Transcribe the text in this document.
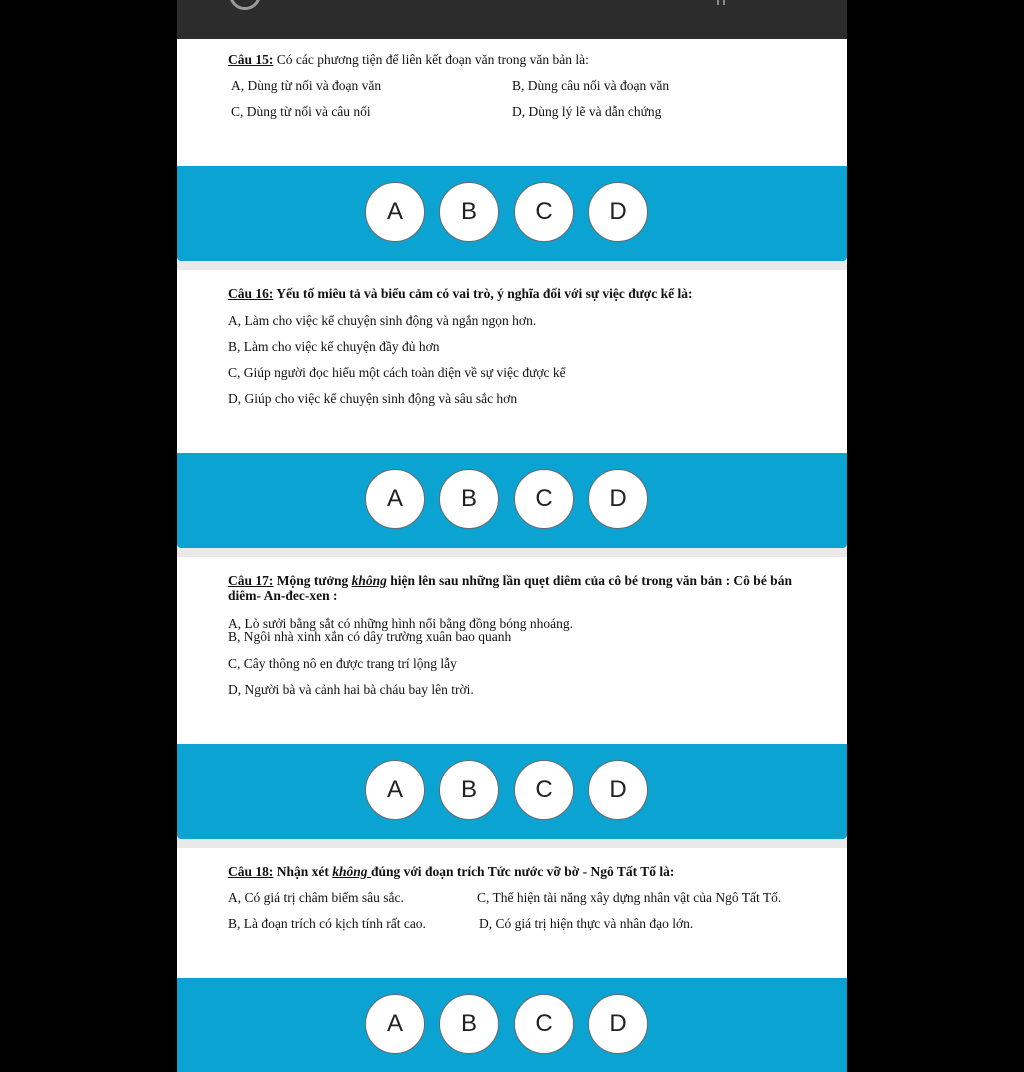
Câu 15: Có các phương tiện để liên kết đoạn văn trong văn bản là:
A, Dùng từ nối và đoạn văn	B, Dùng câu nối và đoạn văn
C, Dùng từ nối và câu nối	D, Dùng lý lẽ và dẫn chứng
A	B	C	D
Câu 16: Yếu tố miêu tả và biểu cảm có vai trò, ý nghĩa đối với sự việc được kể là:
A, Làm cho việc kể chuyện sinh động và ngắn ngọn hơn.
B, Làm cho việc kể chuyện đầy đủ hơn
C, Giúp người đọc hiểu một cách toàn diện về sự việc được kể
D, Giúp cho việc kể chuyện sinh động và sâu sắc hơn
A	B	C	D
Câu 17: Mộng tưởng không hiện lên sau những lần quẹt diêm của cô bé trong văn bản : Cô bé bán diêm- An-đec-xen :
A, Lò sưởi bằng sắt có những hình nổi bằng đồng bóng nhoáng.
B, Ngôi nhà xinh xắn có dây trường xuân bao quanh
C, Cây thông nô en được trang trí lộng lẫy
D, Người bà và cảnh hai bà cháu bay lên trời.
A	B	C	D
Câu 18: Nhận xét không đúng với đoạn trích Tức nước vỡ bờ - Ngô Tất Tố là:
A, Có giá trị châm biếm sâu sắc.	C, Thể hiện tài năng xây dựng nhân vật của Ngô Tất Tố.
B, Là đoạn trích có kịch tính rất cao.	D, Có giá trị hiện thực và nhân đạo lớn.
A	B	C	D
